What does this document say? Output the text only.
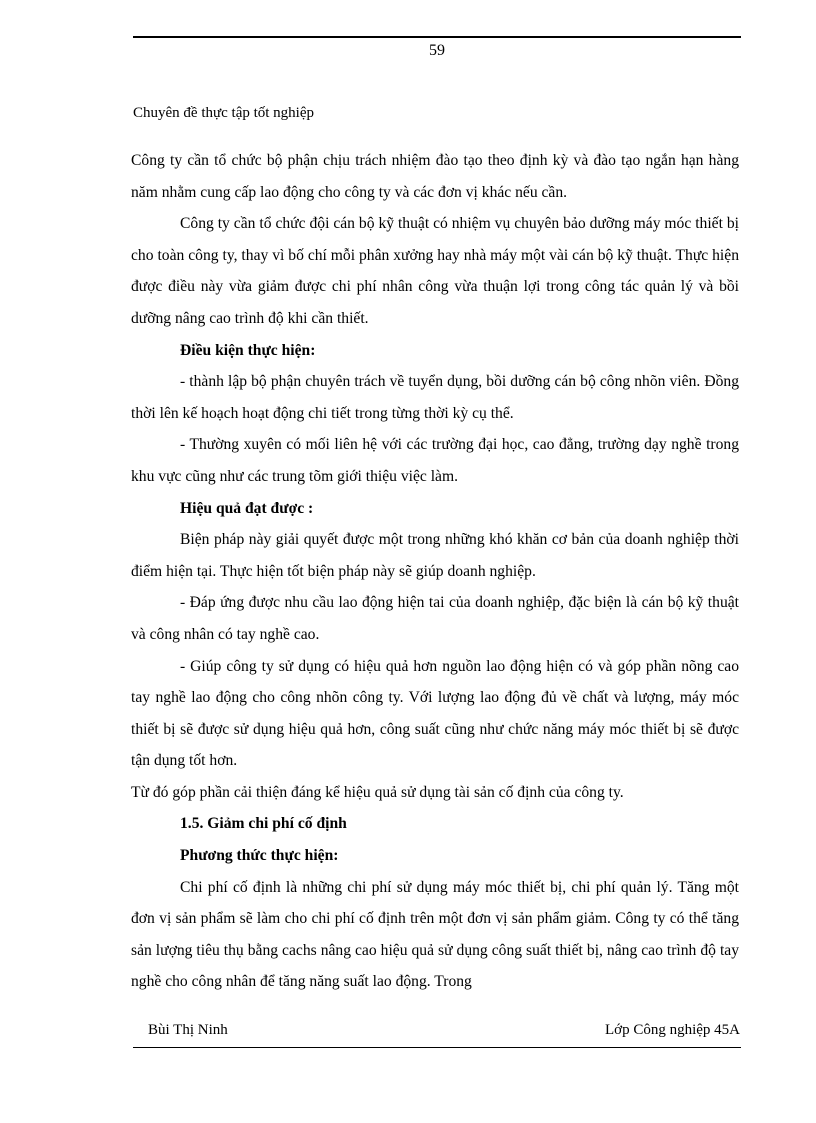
59
Chuyên đề thực tập tốt nghiệp

Công ty cần tổ chức bộ phận chịu trách nhiệm đào tạo theo định kỳ và đào tạo ngắn hạn hàng năm nhằm cung cấp lao động cho công ty và các đơn vị khác nếu cần.

Công ty cần tổ chức đội cán bộ kỹ thuật có nhiệm vụ chuyên bảo dưỡng máy móc thiết bị cho toàn công ty, thay vì bố chí mỗi phân xưởng hay nhà máy một vài cán bộ kỹ thuật. Thực hiện được điều này vừa giảm được chi phí nhân công vừa thuận lợi trong công tác quản lý và bồi dưỡng nâng cao trình độ khi cần thiết.

Điều kiện thực hiện:

- thành lập bộ phận chuyên trách về tuyển dụng, bồi dưỡng cán bộ công nhõn viên. Đồng thời lên kế hoạch hoạt động chi tiết trong từng thời kỳ cụ thể.

- Thường xuyên có mối liên hệ với các trường đại học, cao đẳng, trường dạy nghề trong khu vực cũng như các trung tõm giới thiệu việc làm.

Hiệu quả đạt được :

Biện pháp này giải quyết được một trong những khó khăn cơ bản của doanh nghiệp thời điểm hiện tại. Thực hiện tốt biện pháp này sẽ giúp doanh nghiệp.

- Đáp ứng được nhu cầu lao động hiện tai của doanh nghiệp, đặc biện là cán bộ kỹ thuật và công nhân có tay nghề cao.

- Giúp công ty sử dụng có hiệu quả hơn nguồn lao động hiện có và góp phần nõng cao tay nghề lao động cho công nhõn công ty. Với lượng lao động đủ về chất và lượng, máy móc thiết bị sẽ được sử dụng hiệu quả hơn, công suất cũng như chức năng máy móc thiết bị sẽ được tận dụng tốt hơn.

Từ đó góp phần cải thiện đáng kể hiệu quả sử dụng tài sản cố định của công ty.

1.5. Giảm chi phí cố định

Phương thức thực hiện:

Chi phí cố định là những chi phí sử dụng máy móc thiết bị, chi phí quản lý. Tăng một đơn vị sản phẩm sẽ làm cho chi phí cố định trên một đơn vị sản phẩm giảm. Công ty có thể tăng sản lượng tiêu thụ bằng cachs nâng cao hiệu quả sử dụng công suất thiết bị, nâng cao trình độ tay nghề cho công nhân để tăng năng suất lao động. Trong

Bùi Thị Ninh	Lớp Công nghiệp 45A
